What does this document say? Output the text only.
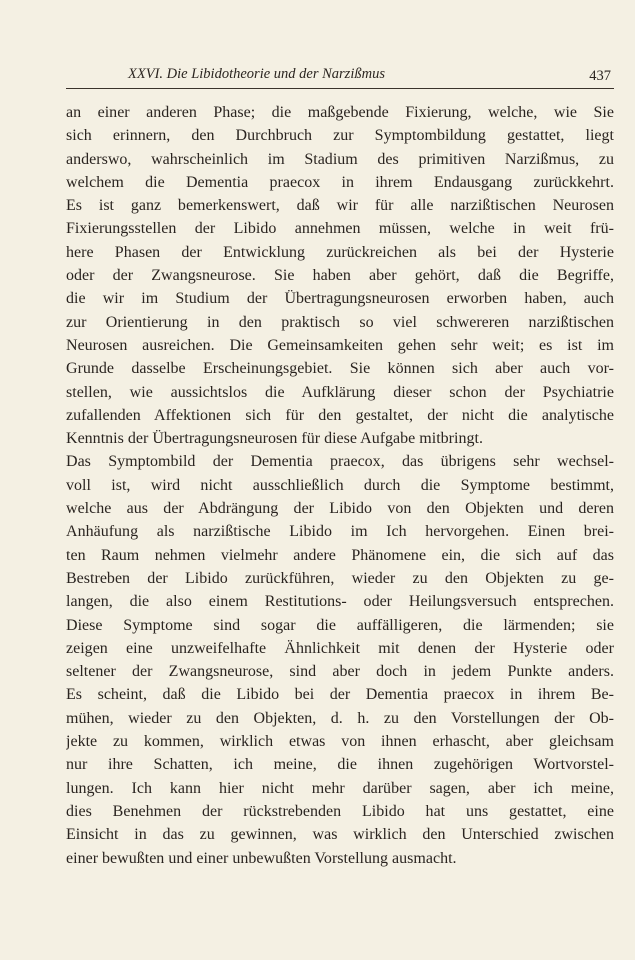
XXVI. Die Libidotheorie und der Narzißmus	437
an einer anderen Phase; die maßgebende Fixierung, welche, wie Sie
sich erinnern, den Durchbruch zur Symptombildung gestattet, liegt
anderswo, wahrscheinlich im Stadium des primitiven Narzißmus, zu
welchem die Dementia praecox in ihrem Endausgang zurückkehrt.
Es ist ganz bemerkenswert, daß wir für alle narzißtischen Neurosen
Fixierungsstellen der Libido annehmen müssen, welche in weit frü-
here Phasen der Entwicklung zurückreichen als bei der Hysterie
oder der Zwangsneurose. Sie haben aber gehört, daß die Begriffe,
die wir im Studium der Übertragungsneurosen erworben haben, auch
zur Orientierung in den praktisch so viel schwereren narzißtischen
Neurosen ausreichen. Die Gemeinsamkeiten gehen sehr weit; es ist im
Grunde dasselbe Erscheinungsgebiet. Sie können sich aber auch vor-
stellen, wie aussichtslos die Aufklärung dieser schon der Psychiatrie
zufallenden Affektionen sich für den gestaltet, der nicht die analytische
Kenntnis der Übertragungsneurosen für diese Aufgabe mitbringt.
Das Symptombild der Dementia praecox, das übrigens sehr wechsel-
voll ist, wird nicht ausschließlich durch die Symptome bestimmt,
welche aus der Abdrängung der Libido von den Objekten und deren
Anhäufung als narzißtische Libido im Ich hervorgehen. Einen brei-
ten Raum nehmen vielmehr andere Phänomene ein, die sich auf das
Bestreben der Libido zurückführen, wieder zu den Objekten zu ge-
langen, die also einem Restitutions- oder Heilungsversuch entsprechen.
Diese Symptome sind sogar die auffälligeren, die lärmenden; sie
zeigen eine unzweifelhafte Ähnlichkeit mit denen der Hysterie oder
seltener der Zwangsneurose, sind aber doch in jedem Punkte anders.
Es scheint, daß die Libido bei der Dementia praecox in ihrem Be-
mühen, wieder zu den Objekten, d. h. zu den Vorstellungen der Ob-
jekte zu kommen, wirklich etwas von ihnen erhascht, aber gleichsam
nur ihre Schatten, ich meine, die ihnen zugehörigen Wortvorstel-
lungen. Ich kann hier nicht mehr darüber sagen, aber ich meine,
dies Benehmen der rückstrebenden Libido hat uns gestattet, eine
Einsicht in das zu gewinnen, was wirklich den Unterschied zwischen
einer bewußten und einer unbewußten Vorstellung ausmacht.
